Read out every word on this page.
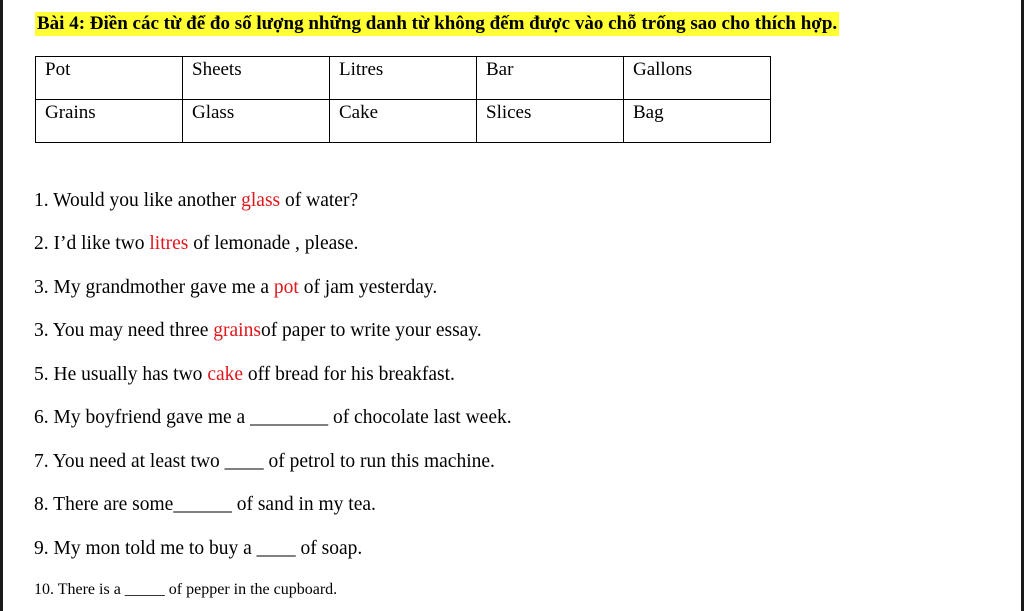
Bài 4: Điền các từ để đo số lượng những danh từ không đếm được vào chỗ trống sao cho thích hợp.
Pot	Sheets	Litres	Bar	Gallons
Grains	Glass	Cake	Slices	Bag
1. Would you like another glass of water?
2. I’d like two litres of lemonade , please.
3. My grandmother gave me a pot of jam yesterday.
3. You may need three grainsof paper to write your essay.
5. He usually has two cake off bread for his breakfast.
6. My boyfriend gave me a ________ of chocolate last week.
7. You need at least two ____ of petrol to run this machine.
8. There are some______ of sand in my tea.
9. My mon told me to buy a ____ of soap.
10. There is a _____ of pepper in the cupboard.
